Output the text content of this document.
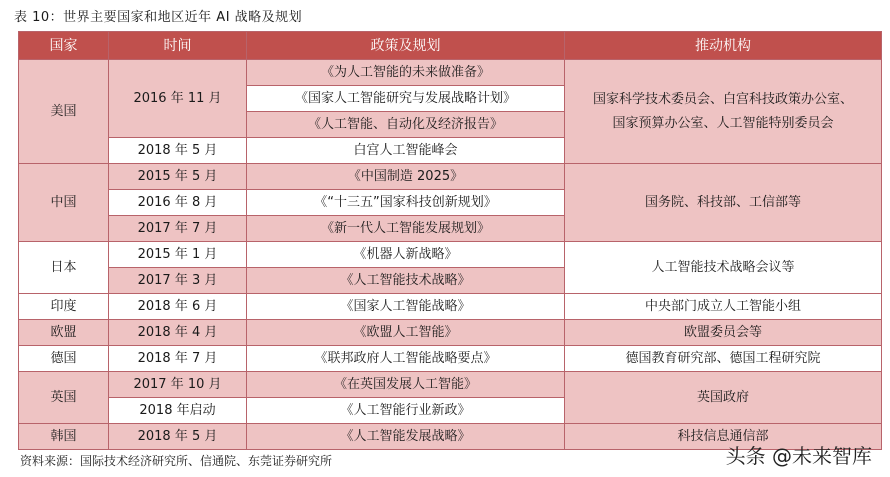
表 10：世界主要国家和地区近年 AI 战略及规划
国家	时间	政策及规划	推动机构
美国	2016 年 11 月	《为人工智能的未来做准备》	国家科学技术委员会、白宫科技政策办公室、
国家预算办公室、人工智能特别委员会

		《国家人工智能研究与发展战略计划》	
		《人工智能、自动化及经济报告》	
	2018 年 5 月	白宫人工智能峰会	
中国	2015 年 5 月	《中国制造 2025》	国务院、科技部、工信部等
	2016 年 8 月	《“十三五”国家科技创新规划》	
	2017 年 7 月	《新一代人工智能发展规划》	
日本	2015 年 1 月	《机器人新战略》	人工智能技术战略会议等
	2017 年 3 月	《人工智能技术战略》	
印度	2018 年 6 月	《国家人工智能战略》	中央部门成立人工智能小组
欧盟	2018 年 4 月	《欧盟人工智能》	欧盟委员会等
德国	2018 年 7 月	《联邦政府人工智能战略要点》	德国教育研究部、德国工程研究院
英国	2017 年 10 月	《在英国发展人工智能》	英国政府
	2018 年启动	《人工智能行业新政》	
韩国	2018 年 5 月	《人工智能发展战略》	科技信息通信部
资料来源：国际技术经济研究所、信通院、东莞证券研究所	头条 @未来智库
